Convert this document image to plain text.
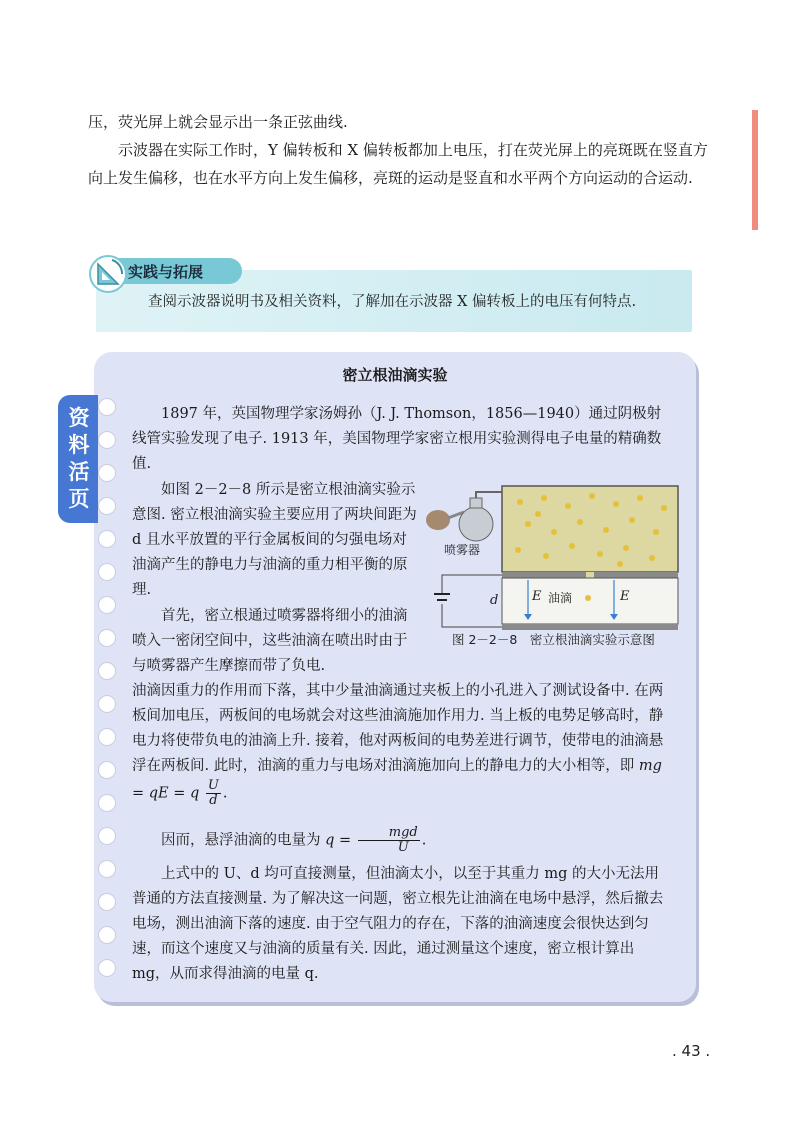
压，荧光屏上就会显示出一条正弦曲线.

示波器在实际工作时，Y 偏转板和 X 偏转板都加上电压，打在荧光屏上的亮斑既在竖直方向上发生偏移，也在水平方向上发生偏移，亮斑的运动是竖直和水平两个方向运动的合运动.

实践与拓展
查阅示波器说明书及相关资料，了解加在示波器 X 偏转板上的电压有何特点.
密立根油滴实验
资料活页

1897 年，英国物理学家汤姆孙（J. J. Thomson，1856—1940）通过阴极射线管实验发现了电子. 1913 年，美国物理学家密立根用实验测得电子电量的精确数值.

如图 2－2－8 所示是密立根油滴实验示意图. 密立根油滴实验主要应用了两块间距为 d 且水平放置的平行金属板间的匀强电场对油滴产生的静电力与油滴的重力相平衡的原理.

首先，密立根通过喷雾器将细小的油滴喷入一密闭空间中，这些油滴在喷出时由于与喷雾器产生摩擦而带了负电.

油滴因重力的作用而下落，其中少量油滴通过夹板上的小孔进入了测试设备中. 在两板间加电压，两板间的电场就会对这些油滴施加作用力. 当上板的电势足够高时，静电力将使带负电的油滴上升. 接着，他对两板间的电势差进行调节，使带电的油滴悬浮在两板间. 此时，油滴的重力与电场对油滴施加向上的静电力的大小相等，即 mg = qE = q $\frac{U}{d}$ .

因而，悬浮油滴的电量为 $q = \frac{\text{mgd}}{U}$ .

上式中的 U、d 均可直接测量，但油滴太小，以至于其重力 mg 的大小无法用普通的方法直接测量. 为了解决这一问题，密立根先让油滴在电场中悬浮，然后撤去电场，测出油滴下落的速度. 由于空气阻力的存在，下落的油滴速度会很快达到匀速，而这个速度又与油滴的质量有关. 因此，通过测量这个速度，密立根计算出 mg，从而求得油滴的电量 q.

喷雾器
d	E 油滴	E
图 2－2－8　密立根油滴实验示意图
. 43 .
